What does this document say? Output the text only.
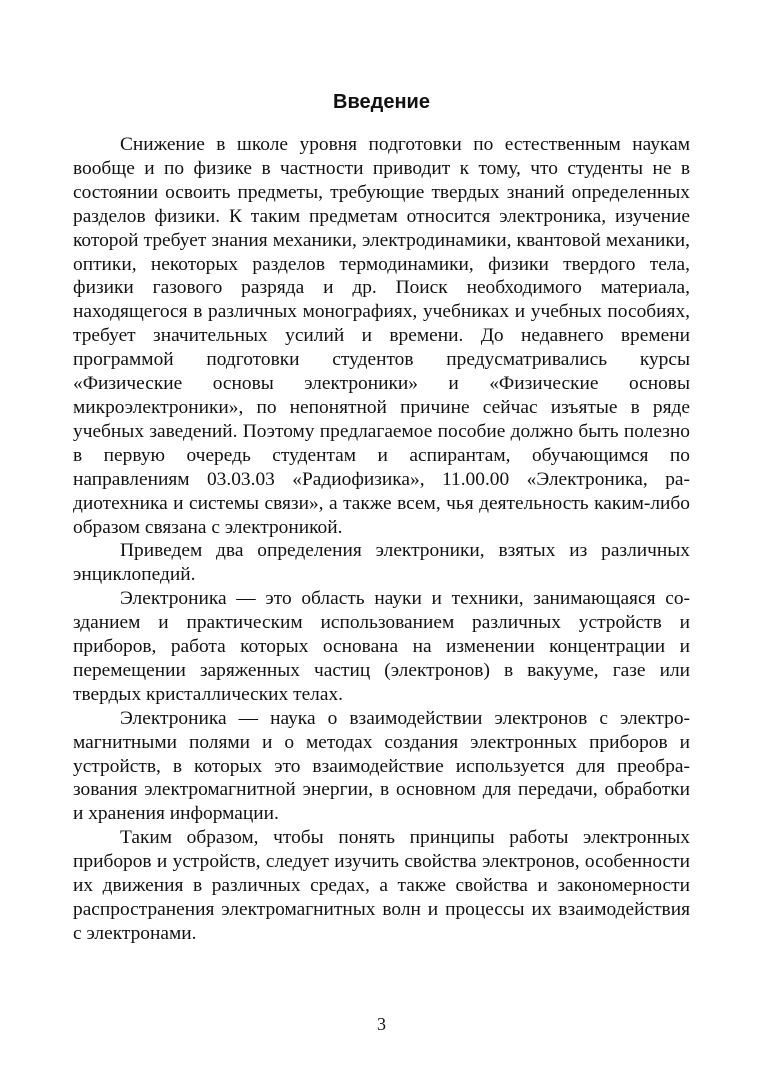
Введение

Снижение в школе уровня подготовки по естественным наукам вообще и по физике в частности приводит к тому, что студенты не в состоянии освоить предметы, требующие твердых знаний определенных разделов физики. К таким предметам относится электроника, изучение которой требует знания механики, электродинамики, квантовой механики, оптики, некоторых разделов термодинамики, физики твердого тела, физики газового разряда и др. Поиск необходимого материала, находящегося в различных монографиях, учебниках и учебных пособиях, требует значительных усилий и времени. До недавнего времени программой подготовки студентов предусматривались курсы «Физические основы электроники» и «Физические основы микроэлектроники», по непонятной причине сейчас изъятые в ряде учебных заведений. Поэтому предлагаемое пособие должно быть полезно в первую очередь студентам и аспирантам, обучающимся по направлениям 03.03.03 «Радиофизика», 11.00.00 «Электроника, радиотехника и системы связи», а также всем, чья деятельность каким-либо образом связана с электроникой.

Приведем два определения электроники, взятых из различных энциклопедий.

Электроника — это область науки и техники, занимающаяся созданием и практическим использованием различных устройств и приборов, работа которых основана на изменении концентрации и перемещении заряженных частиц (электронов) в вакууме, газе или твердых кристаллических телах.

Электроника — наука о взаимодействии электронов с электромагнитными полями и о методах создания электронных приборов и устройств, в которых это взаимодействие используется для преобразования электромагнитной энергии, в основном для передачи, обработки и хранения информации.

Таким образом, чтобы понять принципы работы электронных приборов и устройств, следует изучить свойства электронов, особенности их движения в различных средах, а также свойства и закономерности распространения электромагнитных волн и процессы их взаимодействия с электронами.

3
